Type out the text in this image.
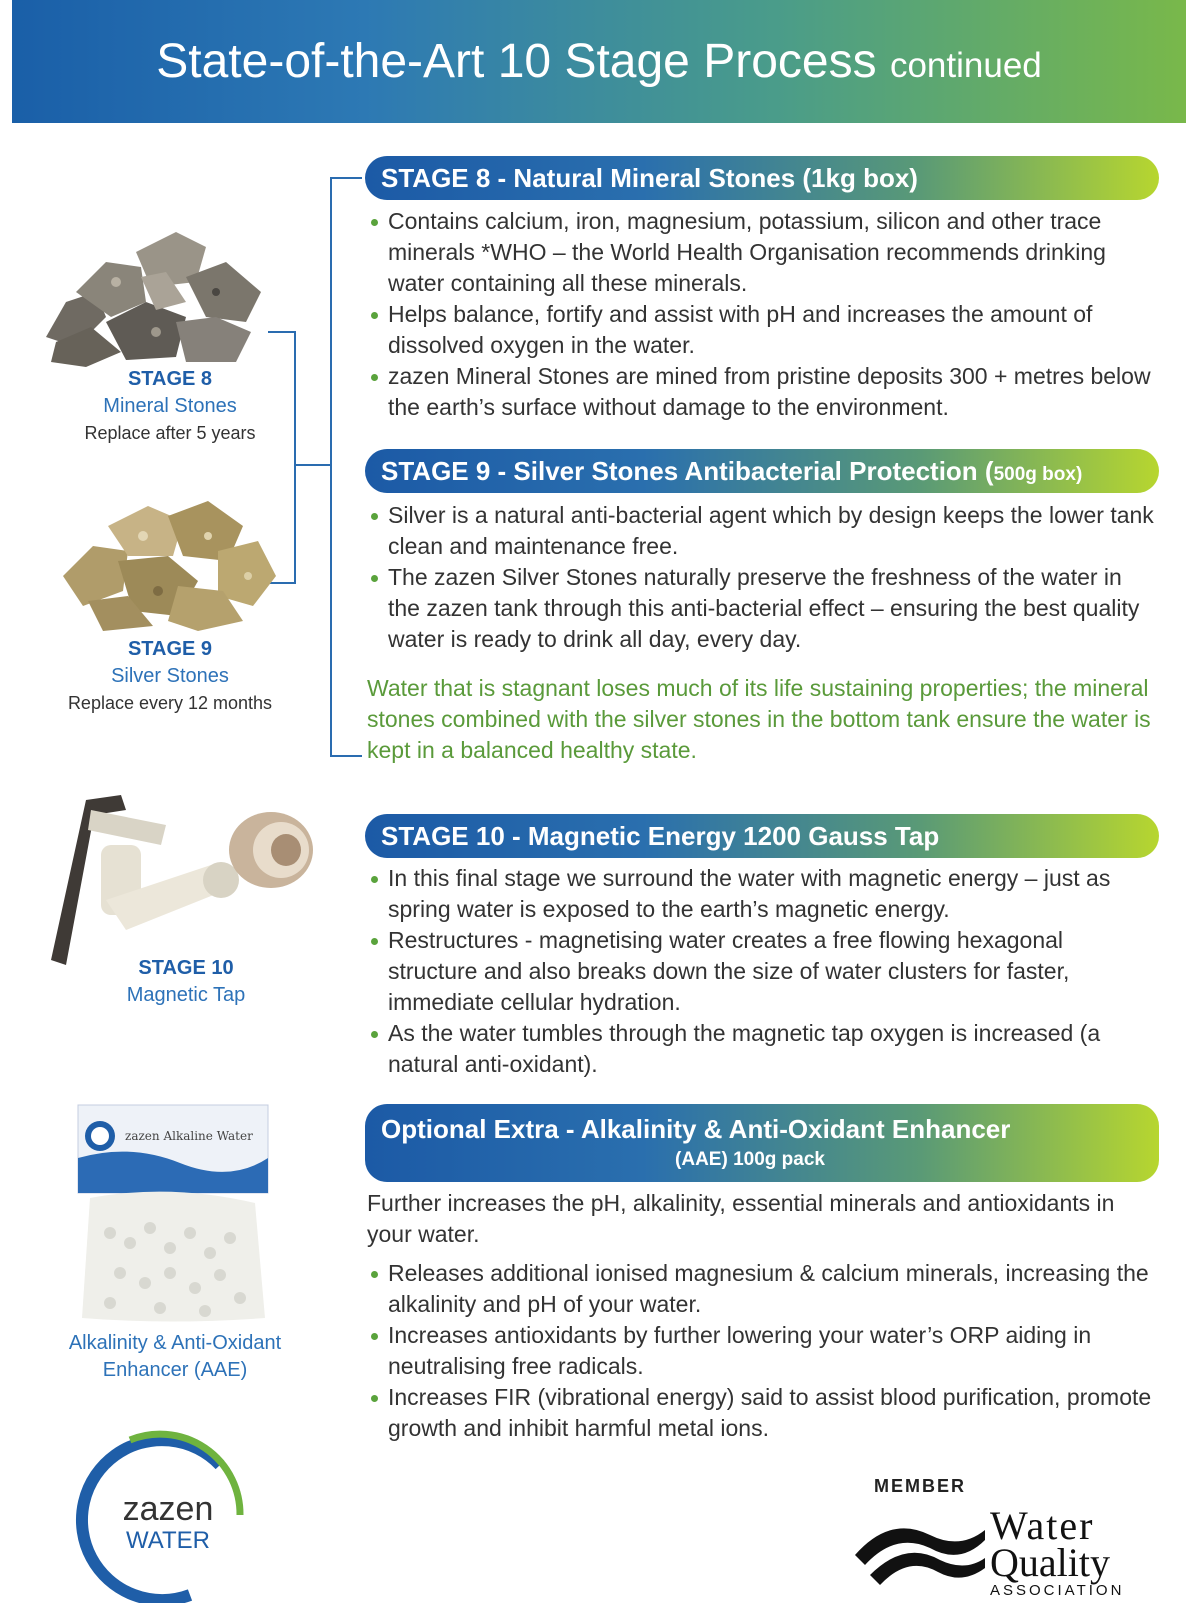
State-of-the-Art 10 Stage Process continued
STAGE 8
Mineral Stones
Replace after 5 years
STAGE 9
Silver Stones
Replace every 12 months
STAGE 10
Magnetic Tap
zazen Alkaline Water
Alkalinity & Anti-Oxidant
Enhancer (AAE)
STAGE 8 - Natural Mineral Stones (1kg box)
Contains calcium, iron, magnesium, potassium, silicon and other trace minerals *WHO – the World Health Organisation recommends drinking water containing all these minerals.
Helps balance, fortify and assist with pH and increases the amount of dissolved oxygen in the water.
zazen Mineral Stones are mined from pristine deposits 300 + metres below the earth’s surface without damage to the environment.
STAGE 9 - Silver Stones Antibacterial Protection (500g box)
Silver is a natural anti-bacterial agent which by design keeps the lower tank clean and maintenance free.
The zazen Silver Stones naturally preserve the freshness of the water in the zazen tank through this anti-bacterial effect – ensuring the best quality water is ready to drink all day, every day.
Water that is stagnant loses much of its life sustaining properties; the mineral stones combined with the silver stones in the bottom tank ensure the water is kept in a balanced healthy state.
STAGE 10 - Magnetic Energy 1200 Gauss Tap
In this final stage we surround the water with magnetic energy – just as spring water is exposed to the earth’s magnetic energy.
Restructures - magnetising water creates a free flowing hexagonal structure and also breaks down the size of water clusters for faster, immediate cellular hydration.
As the water tumbles through the magnetic tap oxygen is increased (a natural anti-oxidant).
Optional Extra - Alkalinity & Anti-Oxidant Enhancer
(AAE) 100g pack
Further increases the pH, alkalinity, essential minerals and antioxidants in your water.
Releases additional ionised magnesium & calcium minerals, increasing the alkalinity and pH of your water.
Increases antioxidants by further lowering your water’s ORP aiding in neutralising free radicals.
Increases FIR (vibrational energy) said to assist blood purification, promote growth and inhibit harmful metal ions.
zazen
WATER
MEMBER
Water
Quality
ASSOCIATION
